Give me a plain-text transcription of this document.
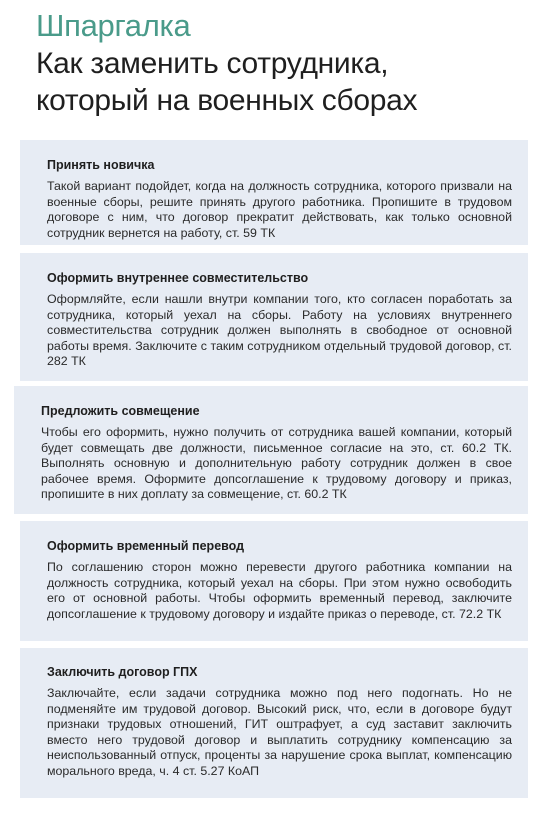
Шпаргалка
Как заменить сотрудника,
который на военных сборах
Принять новичка
Такой вариант подойдет, когда на должность сотрудника, которого призвали на военные сборы, решите принять другого работника. Пропишите в трудовом договоре с ним, что договор прекратит действовать, как только основной сотрудник вернется на работу, ст. 59 ТК
Оформить внутреннее совместительство
Оформляйте, если нашли внутри компании того, кто согласен поработать за сотрудника, который уехал на сборы. Работу на условиях внутреннего совместительства сотрудник должен выполнять в свободное от основной работы время. Заключите с таким сотрудником отдельный трудовой договор, ст. 282 ТК
Предложить совмещение
Чтобы его оформить, нужно получить от сотрудника вашей компании, который будет совмещать две должности, письменное согласие на это, ст. 60.2 ТК. Выполнять основную и дополнительную работу сотрудник должен в свое рабочее время. Оформите допсоглашение к трудовому договору и приказ, пропишите в них доплату за совмещение, ст. 60.2 ТК
Оформить временный перевод
По соглашению сторон можно перевести другого работника компании на должность сотрудника, который уехал на сборы. При этом нужно освободить его от основной работы. Чтобы оформить временный перевод, заключите допсоглашение к трудовому договору и издайте приказ о переводе, ст. 72.2 ТК
Заключить договор ГПХ
Заключайте, если задачи сотрудника можно под него подогнать. Но не подменяйте им трудовой договор. Высокий риск, что, если в договоре будут признаки трудовых отношений, ГИТ оштрафует, а суд заставит заключить вместо него трудовой договор и выплатить сотруднику компенсацию за неиспользованный отпуск, проценты за нарушение срока выплат, компенсацию морального вреда, ч. 4 ст. 5.27 КоАП
